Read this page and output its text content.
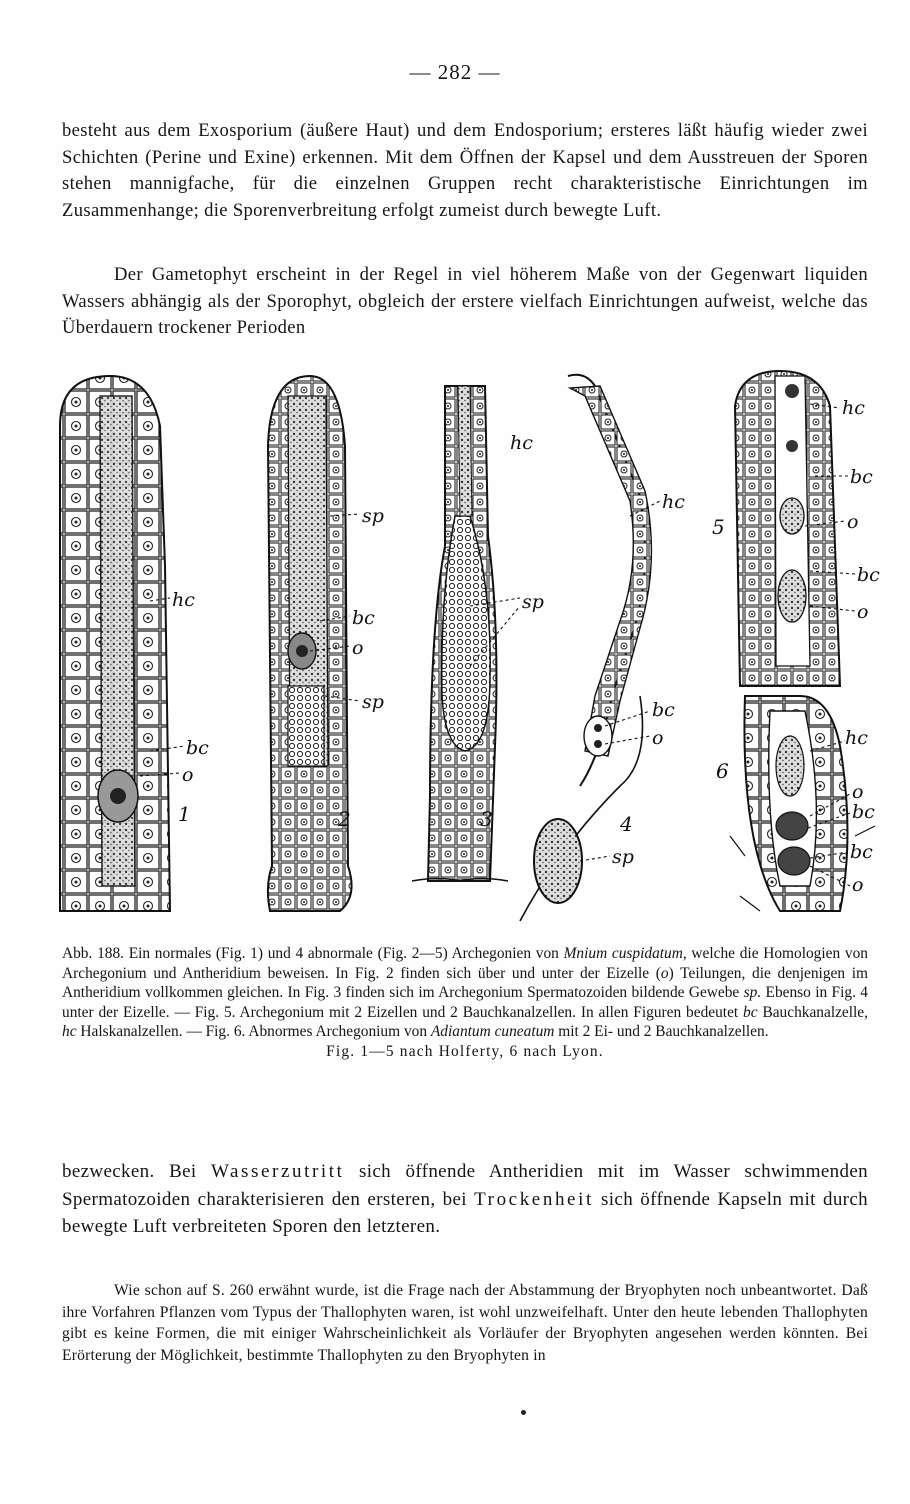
— 282 —

besteht aus dem Exosporium (äußere Haut) und dem Endosporium; ersteres läßt häufig wieder zwei Schichten (Perine und Exine) erkennen. Mit dem Öffnen der Kapsel und dem Ausstreuen der Sporen stehen mannigfache, für die einzelnen Gruppen recht charakteristische Einrichtungen im Zusammenhange; die Sporenverbreitung erfolgt zumeist durch bewegte Luft.

Der Gametophyt erscheint in der Regel in viel höherem Maße von der Gegenwart liquiden Wassers abhängig als der Sporophyt, obgleich der erstere vielfach Einrichtungen aufweist, welche das Überdauern trockener Perioden

hc
bc
o
sp
bc
o
sp
hc
sp
hc
bc
o
sp
hc
bc
o
bc
o
hc
o
bc
bc
o
1	2	3	4
5
6

Abb. 188. Ein normales (Fig. 1) und 4 abnormale (Fig. 2—5) Archegonien von Mnium cuspidatum, welche die Homologien von Archegonium und Antheridium beweisen. In Fig. 2 finden sich über und unter der Eizelle (o) Teilungen, die denjenigen im Antheridium vollkommen gleichen. In Fig. 3 finden sich im Archegonium Spermatozoiden bildende Gewebe sp. Ebenso in Fig. 4 unter der Eizelle. — Fig. 5. Archegonium mit 2 Eizellen und 2 Bauchkanalzellen. In allen Figuren bedeutet bc Bauchkanalzelle, hc Halskanalzellen. — Fig. 6. Abnormes Archegonium von Adiantum cuneatum mit 2 Ei- und 2 Bauchkanalzellen.
Fig. 1—5 nach Holferty, 6 nach Lyon.

bezwecken. Bei Wasserzutritt sich öffnende Antheridien mit im Wasser schwimmenden Spermatozoiden charakterisieren den ersteren, bei Trockenheit sich öffnende Kapseln mit durch bewegte Luft verbreiteten Sporen den letzteren.

Wie schon auf S. 260 erwähnt wurde, ist die Frage nach der Abstammung der Bryophyten noch unbeantwortet. Daß ihre Vorfahren Pflanzen vom Typus der Thallophyten waren, ist wohl unzweifelhaft. Unter den heute lebenden Thallophyten gibt es keine Formen, die mit einiger Wahrscheinlichkeit als Vorläufer der Bryophyten angesehen werden könnten. Bei Erörterung der Möglichkeit, bestimmte Thallophyten zu den Bryophyten in
